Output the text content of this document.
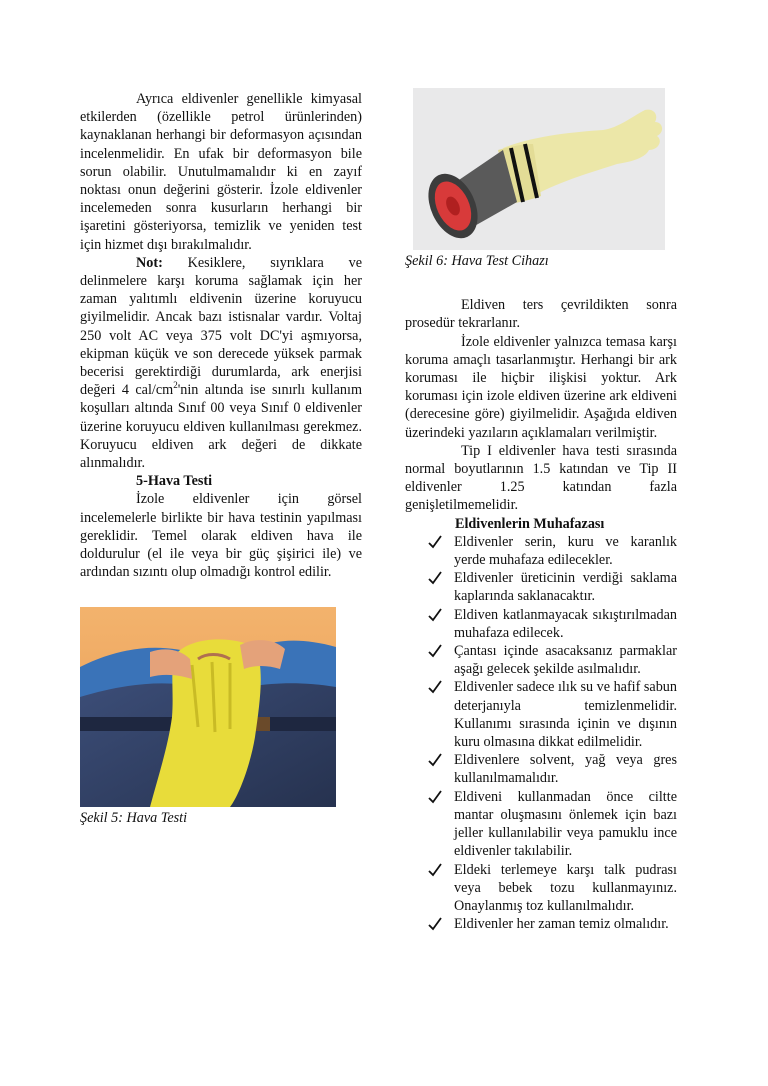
Ayrıca eldivenler genellikle kimyasal etkilerden (özellikle petrol ürünlerinden) kaynaklanan herhangi bir deformasyon açısından incelenmelidir. En ufak bir deformasyon bile sorun olabilir. Unutulmamalıdır ki en zayıf noktası onun değerini gösterir. İzole eldivenler incelemeden sonra kusurların herhangi bir işaretini gösteriyorsa, temizlik ve yeniden test için hizmet dışı bırakılmalıdır.

Not: Kesiklere, sıyrıklara ve delinmelere karşı koruma sağlamak için her zaman yalıtımlı eldivenin üzerine koruyucu giyilmelidir. Ancak bazı istisnalar vardır. Voltaj 250 volt AC veya 375 volt DC'yi aşmıyorsa, ekipman küçük ve son derecede yüksek parmak becerisi gerektirdiği durumlarda, ark enerjisi değeri 4 cal/$cm^2'nin$ altında ise sınırlı kullanım koşulları altında Sınıf 00 veya Sınıf 0 eldivenler üzerine koruyucu eldiven kullanılması gerekmez. Koruyucu eldiven ark değeri de dikkate alınmalıdır.

5-Hava Testi

İzole eldivenler için görsel incelemelerle birlikte bir hava testinin yapılması gereklidir. Temel olarak eldiven hava ile doldurulur (el ile veya bir güç şişirici ile) ve ardından sızıntı olup olmadığı kontrol edilir.

Şekil 5: Hava Testi

Şekil 6: Hava Test Cihazı

Eldiven ters çevrildikten sonra prosedür tekrarlanır.

İzole eldivenler yalnızca temasa karşı koruma amaçlı tasarlanmıştır. Herhangi bir ark koruması ile hiçbir ilişkisi yoktur. Ark koruması için izole eldiven üzerine ark eldiveni (derecesine göre) giyilmelidir. Aşağıda eldiven üzerindeki yazıların açıklamaları verilmiştir.

Tip I eldivenler hava testi sırasında normal boyutlarının 1.5 katından ve Tip II eldivenler 1.25 katından fazla genişletilmemelidir.

Eldivenlerin Muhafazası

Eldivenler serin, kuru ve karanlık yerde muhafaza edilecekler.
Eldivenler üreticinin verdiği saklama kaplarında saklanacaktır.
Eldiven katlanmayacak sıkıştırılmadan muhafaza edilecek.
Çantası içinde asacaksanız parmaklar aşağı gelecek şekilde asılmalıdır.
Eldivenler sadece ılık su ve hafif sabun deterjanıyla temizlenmelidir. Kullanımı sırasında içinin ve dışının kuru olmasına dikkat edilmelidir.
Eldivenlere solvent, yağ veya gres kullanılmamalıdır.
Eldiveni kullanmadan önce ciltte mantar oluşmasını önlemek için bazı jeller kullanılabilir veya pamuklu ince eldivenler takılabilir.
Eldeki terlemeye karşı talk pudrası veya bebek tozu kullanmayınız. Onaylanmış toz kullanılmalıdır.
Eldivenler her zaman temiz olmalıdır.
